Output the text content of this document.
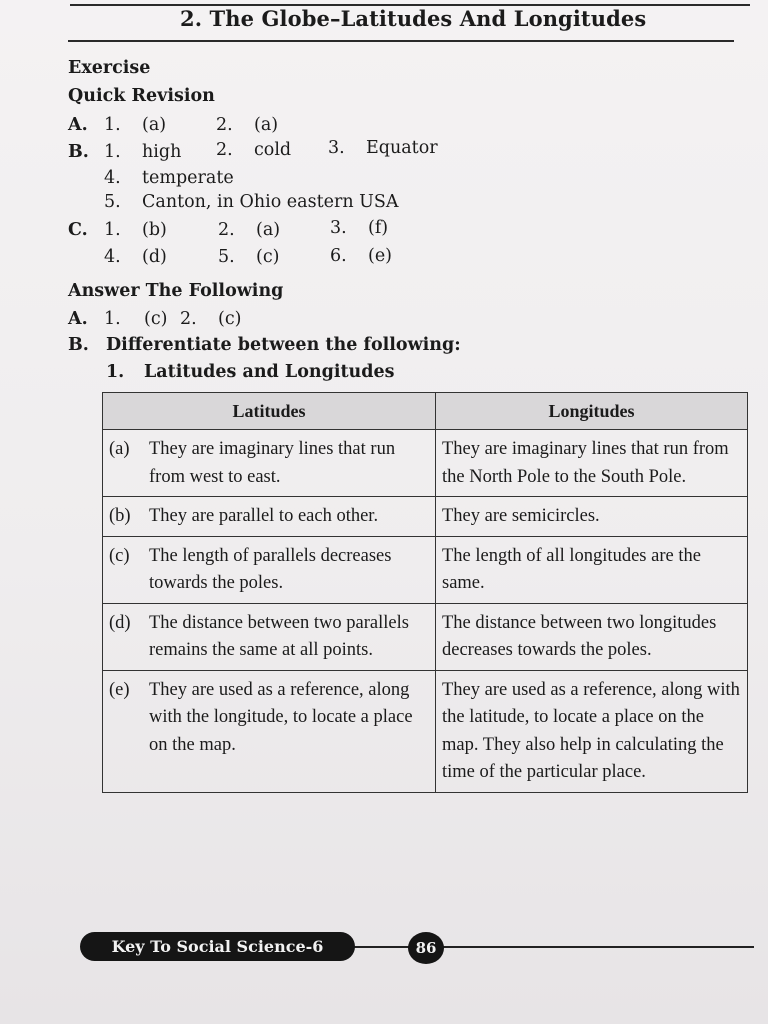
2. The Globe–Latitudes And Longitudes
Exercise
Quick Revision
A. 1. (a)	2. (a)
B. 1. high 2. cold 3. Equator
4. temperate
5. Canton, in Ohio eastern USA
C. 1. (b)	2. (a)	3. (f)
4. (d)	5. (c)	6. (e)
Answer The Following
A. 1. (c) 2. (c)
B. Differentiate between the following:
1. Latitudes and Longitudes
Latitudes	Longitudes

(a) They are imaginary lines that run from west to east.	They are imaginary lines that run from the North Pole to the South Pole.

(b) They are parallel to each other.	They are semicircles.

(c) The length of parallels decreases towards the poles.	The length of all longitudes are the same.

(d) The distance between two parallels remains the same at all points.	The distance between two longitudes decreases towards the poles.

(e) They are used as a reference, along with the longitude, to locate a place on the map.	They are used as a reference, along with the latitude, to locate a place on the map. They also help in calculating the time of the particular place.
Key To Social Science-6	86
